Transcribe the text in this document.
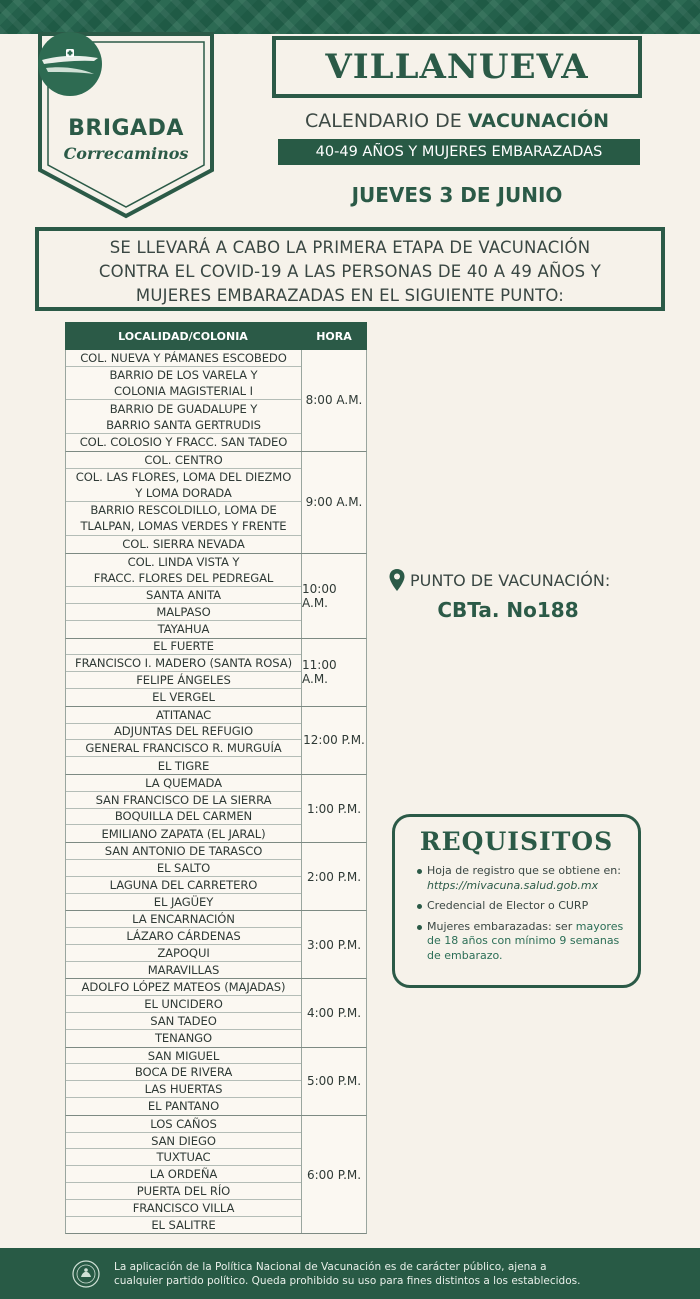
BRIGADA
Correcaminos
VILLANUEVA
CALENDARIO DE VACUNACIÓN
40-49 AÑOS Y MUJERES EMBARAZADAS
JUEVES 3 DE JUNIO
SE LLEVARÁ A CABO LA PRIMERA ETAPA DE VACUNACIÓN
CONTRA EL COVID-19 A LAS PERSONAS DE 40 A 49 AÑOS Y
MUJERES EMBARAZADAS EN EL SIGUIENTE PUNTO:
LOCALIDAD/COLONIA	HORA
COL. NUEVA Y PÁMANES ESCOBEDO
BARRIO DE LOS VARELA Y
COLONIA MAGISTERIAL I
BARRIO DE GUADALUPE Y
BARRIO SANTA GERTRUDIS
COL. COLOSIO Y FRACC. SAN TADEO
8:00 A.M.
COL. CENTRO
COL. LAS FLORES, LOMA DEL DIEZMO
Y LOMA DORADA
BARRIO RESCOLDILLO, LOMA DE
TLALPAN, LOMAS VERDES Y FRENTE
COL. SIERRA NEVADA
9:00 A.M.
COL. LINDA VISTA Y
FRACC. FLORES DEL PEDREGAL
SANTA ANITA
MALPASO
TAYAHUA
10:00 A.M.
EL FUERTE
FRANCISCO I. MADERO (SANTA ROSA)
FELIPE ÁNGELES
EL VERGEL
11:00 A.M.
ATITANAC
ADJUNTAS DEL REFUGIO
GENERAL FRANCISCO R. MURGUÍA
EL TIGRE
12:00 P.M.
LA QUEMADA
SAN FRANCISCO DE LA SIERRA
BOQUILLA DEL CARMEN
EMILIANO ZAPATA (EL JARAL)
1:00 P.M.
SAN ANTONIO DE TARASCO
EL SALTO
LAGUNA DEL CARRETERO
EL JAGÜEY
2:00 P.M.
LA ENCARNACIÓN
LÁZARO CÁRDENAS
ZAPOQUI
MARAVILLAS
3:00 P.M.
ADOLFO LÓPEZ MATEOS (MAJADAS)
EL UNCIDERO
SAN TADEO
TENANGO
4:00 P.M.
SAN MIGUEL
BOCA DE RIVERA
LAS HUERTAS
EL PANTANO
5:00 P.M.
LOS CAÑOS
SAN DIEGO
TUXTUAC
LA ORDEÑA
PUERTA DEL RÍO
FRANCISCO VILLA
EL SALITRE
6:00 P.M.
PUNTO DE VACUNACIÓN:
CBTa. No188
REQUISITOS
Hoja de registro que se obtiene en: https://mivacuna.salud.gob.mx
Credencial de Elector o CURP
Mujeres embarazadas: ser mayores de 18 años con mínimo 9 semanas de embarazo.
La aplicación de la Política Nacional de Vacunación es de carácter público, ajena a
cualquier partido político. Queda prohibido su uso para fines distintos a los establecidos.
